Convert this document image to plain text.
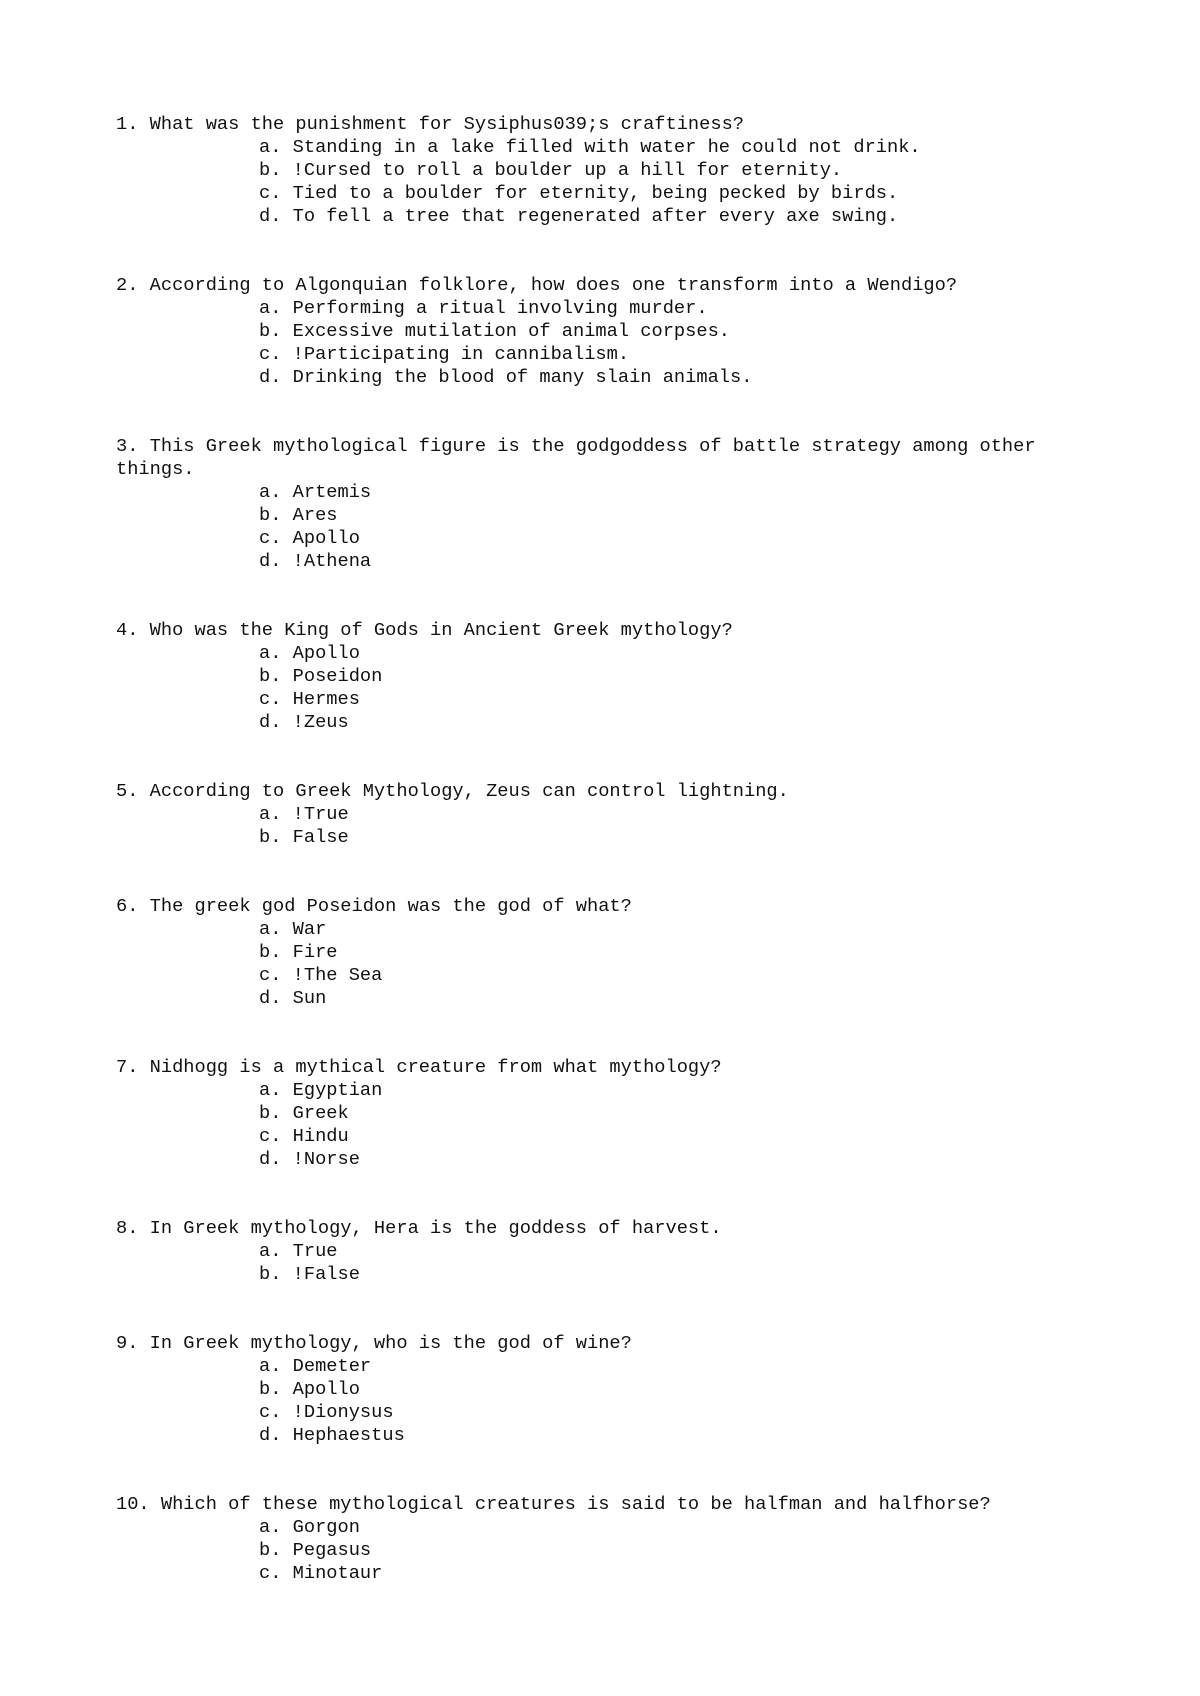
1. What was the punishment for Sysiphus039;s craftiness?

a. Standing in a lake filled with water he could not drink.
b. !Cursed to roll a boulder up a hill for eternity.
c. Tied to a boulder for eternity, being pecked by birds.
d. To fell a tree that regenerated after every axe swing.

2. According to Algonquian folklore, how does one transform into a Wendigo?

a. Performing a ritual involving murder.
b. Excessive mutilation of animal corpses.
c. !Participating in cannibalism.
d. Drinking the blood of many slain animals.

3. This Greek mythological figure is the godgoddess of battle strategy among other things.

a. Artemis
b. Ares
c. Apollo
d. !Athena

4. Who was the King of Gods in Ancient Greek mythology?

a. Apollo
b. Poseidon
c. Hermes
d. !Zeus

5. According to Greek Mythology, Zeus can control lightning.

a. !True
b. False

6. The greek god Poseidon was the god of what?

a. War
b. Fire
c. !The Sea
d. Sun

7. Nidhogg is a mythical creature from what mythology?

a. Egyptian
b. Greek
c. Hindu
d. !Norse

8. In Greek mythology, Hera is the goddess of harvest.

a. True
b. !False

9. In Greek mythology, who is the god of wine?

a. Demeter
b. Apollo
c. !Dionysus
d. Hephaestus

10. Which of these mythological creatures is said to be halfman and halfhorse?

a. Gorgon
b. Pegasus
c. Minotaur
